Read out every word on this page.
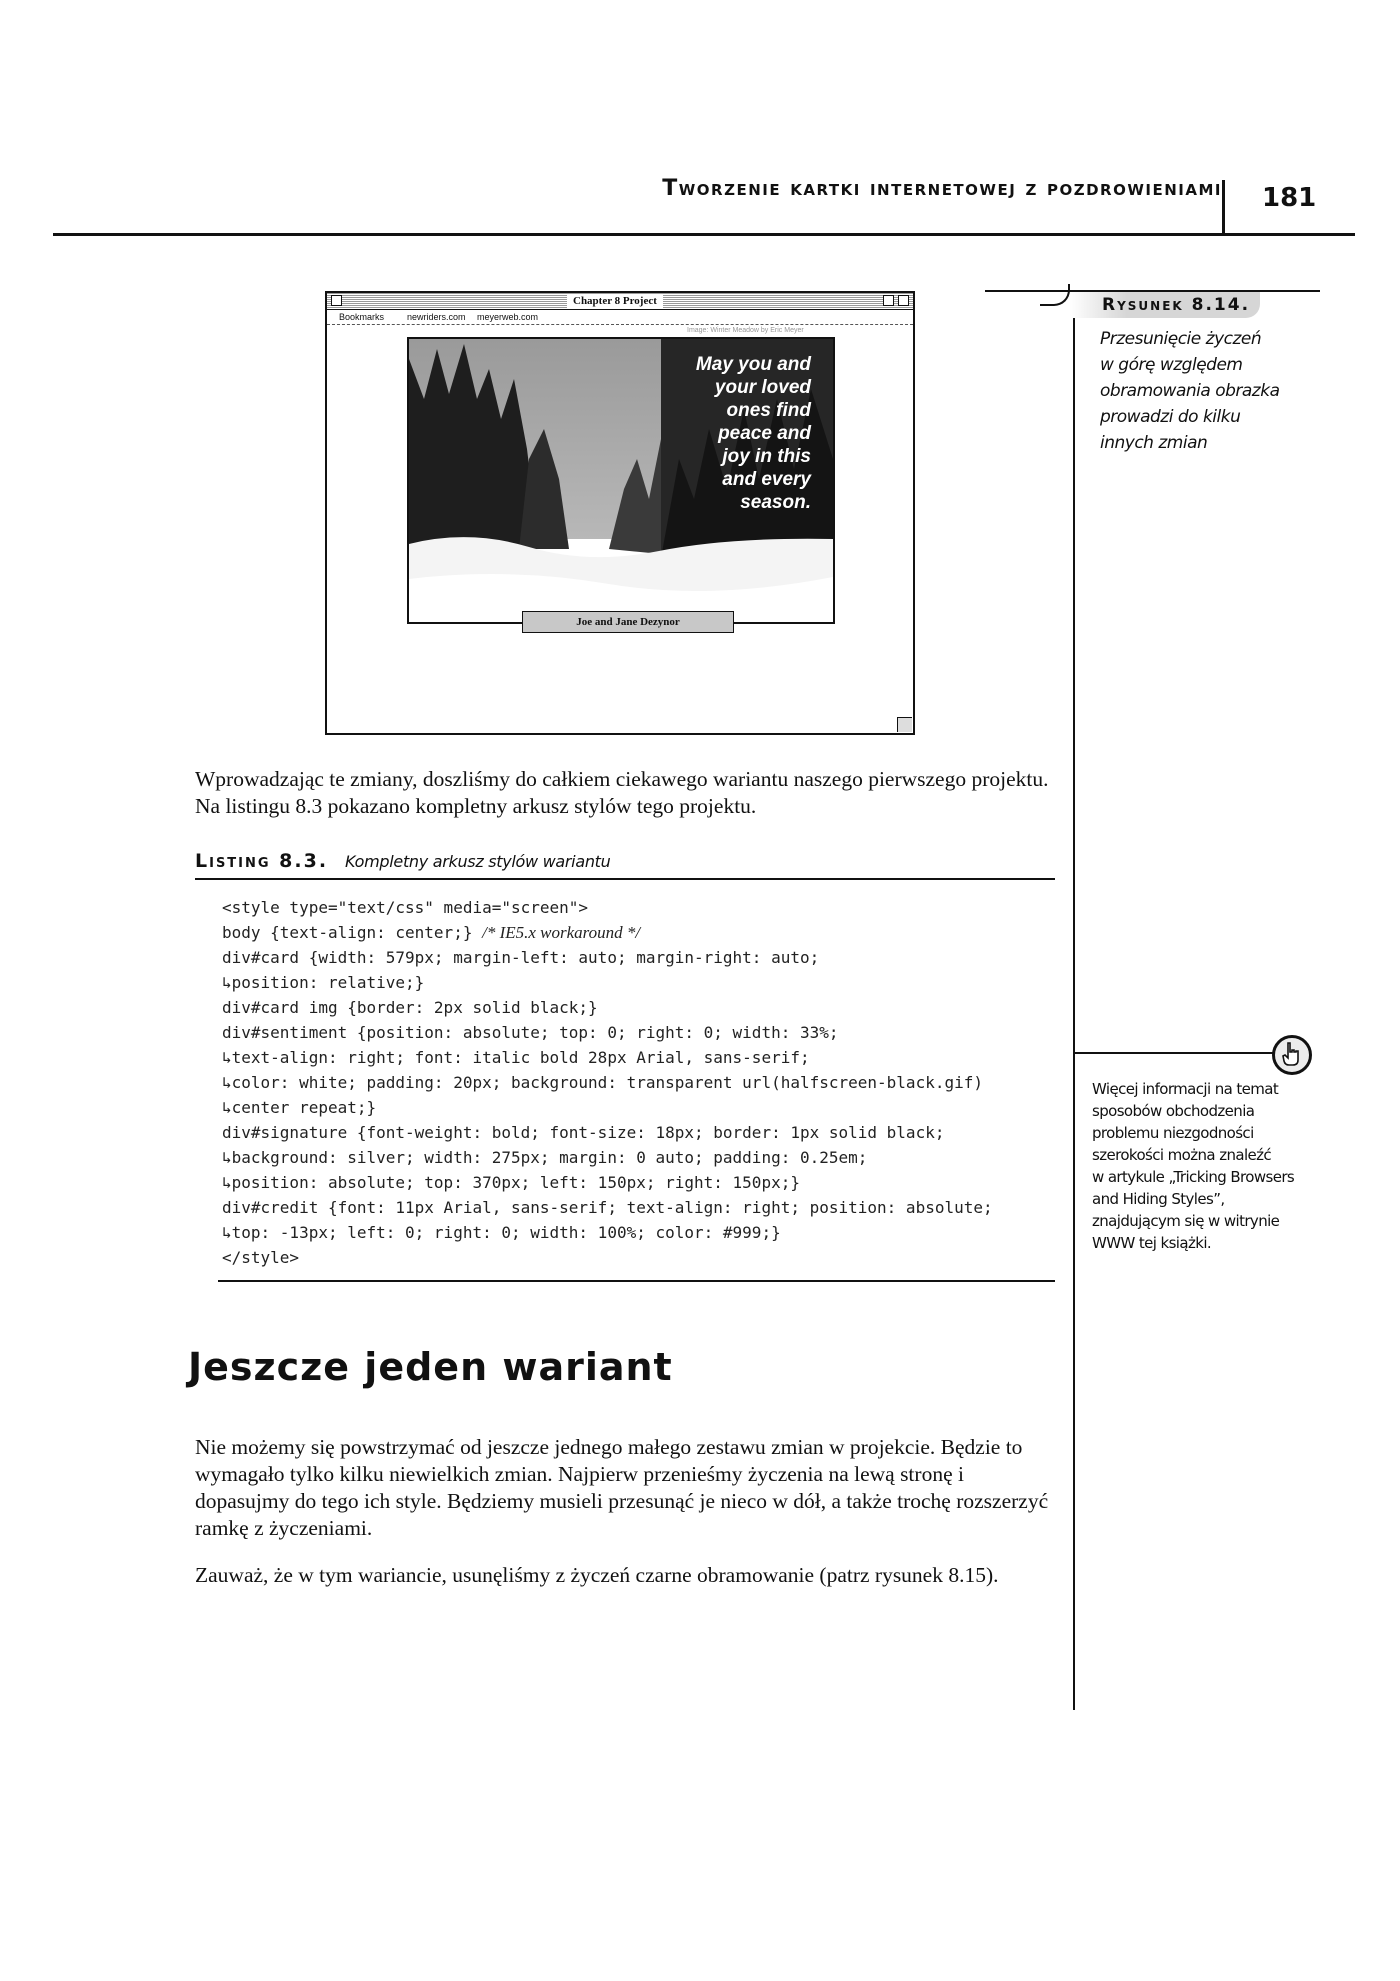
Tworzenie kartki internetowej z pozdrowieniami 181
Chapter 8 Project
Bookmarks	newriders.com meyerweb.com
Image: Winter Meadow by Eric Meyer
May you and
your loved
ones find
peace and
joy in this
and every
season.
Joe and Jane Dezynor
Rysunek 8.14.
Przesunięcie życzeń
w górę względem
obramowania obrazka
prowadzi do kilku
innych zmian
Wprowadzając te zmiany, doszliśmy do całkiem ciekawego wariantu naszego pierwszego projektu. Na listingu 8.3 pokazano kompletny arkusz stylów tego projektu.
Listing 8.3. Kompletny arkusz stylów wariantu
<style type="text/css" media="screen">
body {text-align: center;} /* IE5.x workaround */
div#card {width: 579px; margin-left: auto; margin-right: auto;
↳position: relative;}
div#card img {border: 2px solid black;}
div#sentiment {position: absolute; top: 0; right: 0; width: 33%;
↳text-align: right; font: italic bold 28px Arial, sans-serif;
↳color: white; padding: 20px; background: transparent url(halfscreen-black.gif)
↳center repeat;}
div#signature {font-weight: bold; font-size: 18px; border: 1px solid black;
↳background: silver; width: 275px; margin: 0 auto; padding: 0.25em;
↳position: absolute; top: 370px; left: 150px; right: 150px;}
div#credit {font: 11px Arial, sans-serif; text-align: right; position: absolute;
↳top: -13px; left: 0; right: 0; width: 100%; color: #999;}
</style>
Więcej informacji na temat
sposobów obchodzenia
problemu niezgodności
szerokości można znaleźć
w artykule „Tricking Browsers
and Hiding Styles”,
znajdującym się w witrynie
WWW tej książki.
Jeszcze jeden wariant
Nie możemy się powstrzymać od jeszcze jednego małego zestawu zmian w projekcie. Będzie to wymagało tylko kilku niewielkich zmian. Najpierw przenieśmy życzenia na lewą stronę i dopasujmy do tego ich style. Będziemy musieli przesunąć je nieco w dół, a także trochę rozszerzyć ramkę z życzeniami.
Zauważ, że w tym wariancie, usunęliśmy z życzeń czarne obramowanie (patrz rysunek 8.15).
